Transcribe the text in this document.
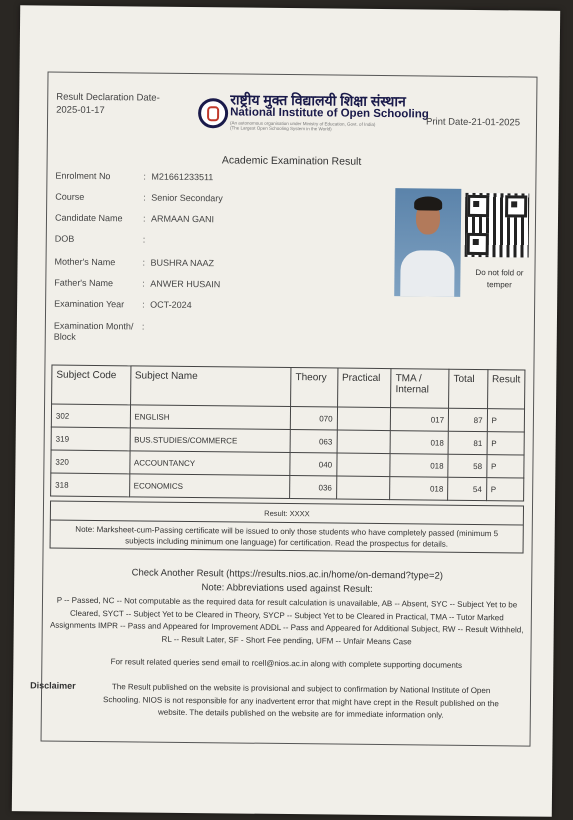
Result Declaration Date-
2025-01-17
राष्ट्रीय मुक्त विद्यालयी शिक्षा संस्थान
National Institute of Open Schooling
(An autonomous organisation under Ministry of Education, Govt. of India)
(The Largest Open Schooling System in the World)	Print Date-21-01-2025
Academic Examination Result
Enrolment No	: M21661233511
Course	: Senior Secondary
Candidate Name	: ARMAAN GANI
DOB	:
Mother's Name	: BUSHRA NAAZ
Father's Name	: ANWER HUSAIN
Examination Year	: OCT-2024
Examination Month/ Block
:
Do not fold or temper
Subject Code	Subject Name	Theory	Practical	TMA / Internal	Total	Result
302	ENGLISH	070		017	87	P
319	BUS.STUDIES/COMMERCE	063		018	81	P
320	ACCOUNTANCY	040		018	58	P
318	ECONOMICS	036		018	54	P
Result: XXXX
Note: Marksheet-cum-Passing certificate will be issued to only those students who have completely passed (minimum 5 subjects including minimum one language) for certification. Read the prospectus for details.
Check Another Result (https://results.nios.ac.in/home/on-demand?type=2)
Note: Abbreviations used against Result:
P -- Passed, NC -- Not computable as the required data for result calculation is unavailable, AB -- Absent, SYC -- Subject Yet to be Cleared, SYCT -- Subject Yet to be Cleared in Theory, SYCP -- Subject Yet to be Cleared in Practical, TMA -- Tutor Marked Assignments IMPR -- Pass and Appeared for Improvement ADDL -- Pass and Appeared for Additional Subject, RW -- Result Withheld, RL -- Result Later, SF - Short Fee pending, UFM -- Unfair Means Case
For result related queries send email to rcell@nios.ac.in along with complete supporting documents
Disclaimer	The Result published on the website is provisional and subject to confirmation by National Institute of Open Schooling. NIOS is not responsible for any inadvertent error that might have crept in the Result published on the website. The details published on the website are for immediate information only.
